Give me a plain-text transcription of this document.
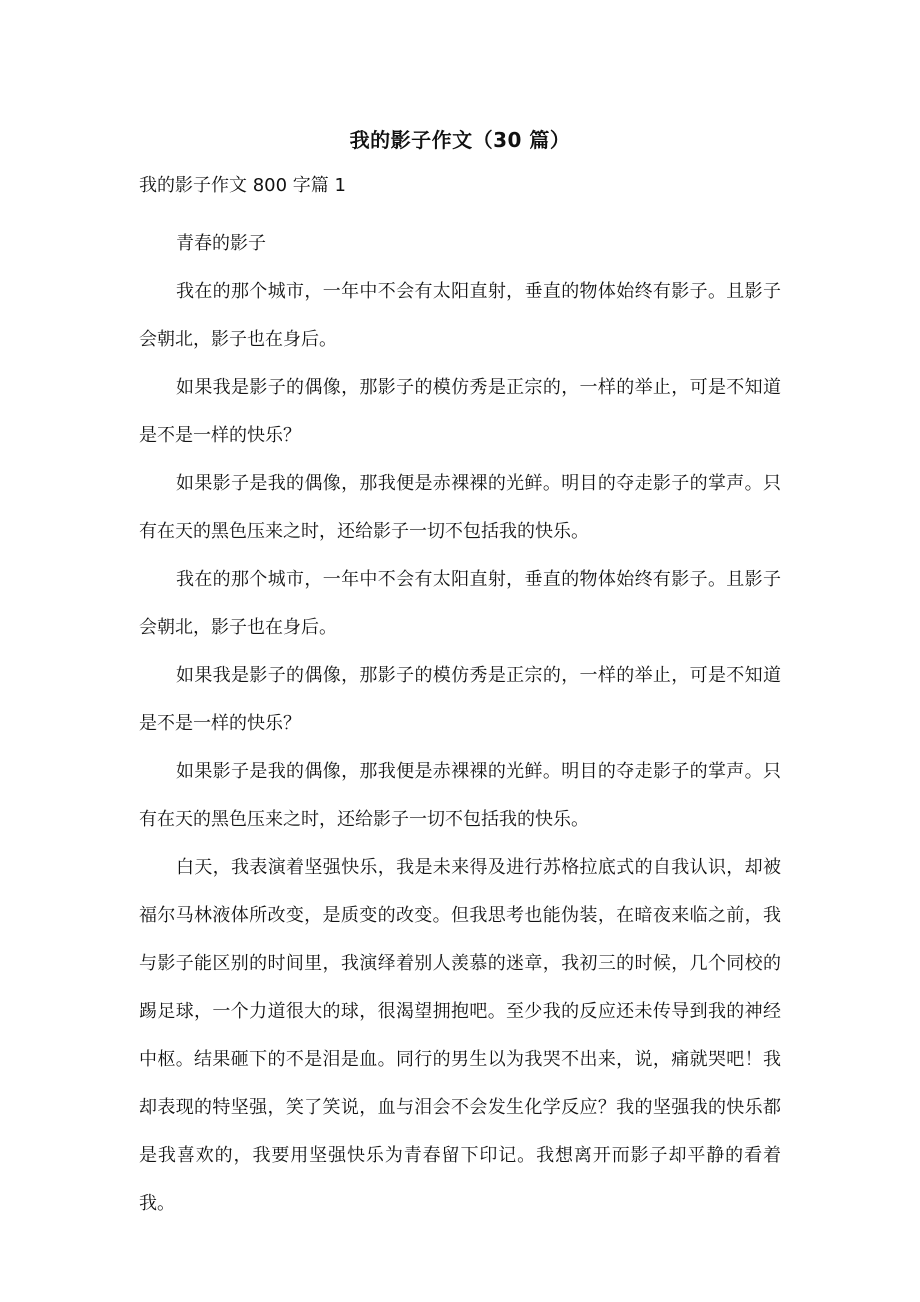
我的影子作文（30 篇）
我的影子作文 800 字篇 1

青春的影子

我在的那个城市，一年中不会有太阳直射，垂直的物体始终有影子。且影子会朝北，影子也在身后。

如果我是影子的偶像，那影子的模仿秀是正宗的，一样的举止，可是不知道是不是一样的快乐？

如果影子是我的偶像，那我便是赤裸裸的光鲜。明目的夺走影子的掌声。只有在天的黑色压来之时，还给影子一切不包括我的快乐。

我在的那个城市，一年中不会有太阳直射，垂直的物体始终有影子。且影子会朝北，影子也在身后。

如果我是影子的偶像，那影子的模仿秀是正宗的，一样的举止，可是不知道是不是一样的快乐？

如果影子是我的偶像，那我便是赤裸裸的光鲜。明目的夺走影子的掌声。只有在天的黑色压来之时，还给影子一切不包括我的快乐。

白天，我表演着坚强快乐，我是未来得及进行苏格拉底式的自我认识，却被福尔马林液体所改变，是质变的改变。但我思考也能伪装，在暗夜来临之前，我与影子能区别的时间里，我演绎着别人羡慕的迷章，我初三的时候，几个同校的踢足球，一个力道很大的球，很渴望拥抱吧。至少我的反应还未传导到我的神经中枢。结果砸下的不是泪是血。同行的男生以为我哭不出来，说，痛就哭吧！我却表现的特坚强，笑了笑说，血与泪会不会发生化学反应？我的坚强我的快乐都是我喜欢的，我要用坚强快乐为青春留下印记。我想离开而影子却平静的看着我。
